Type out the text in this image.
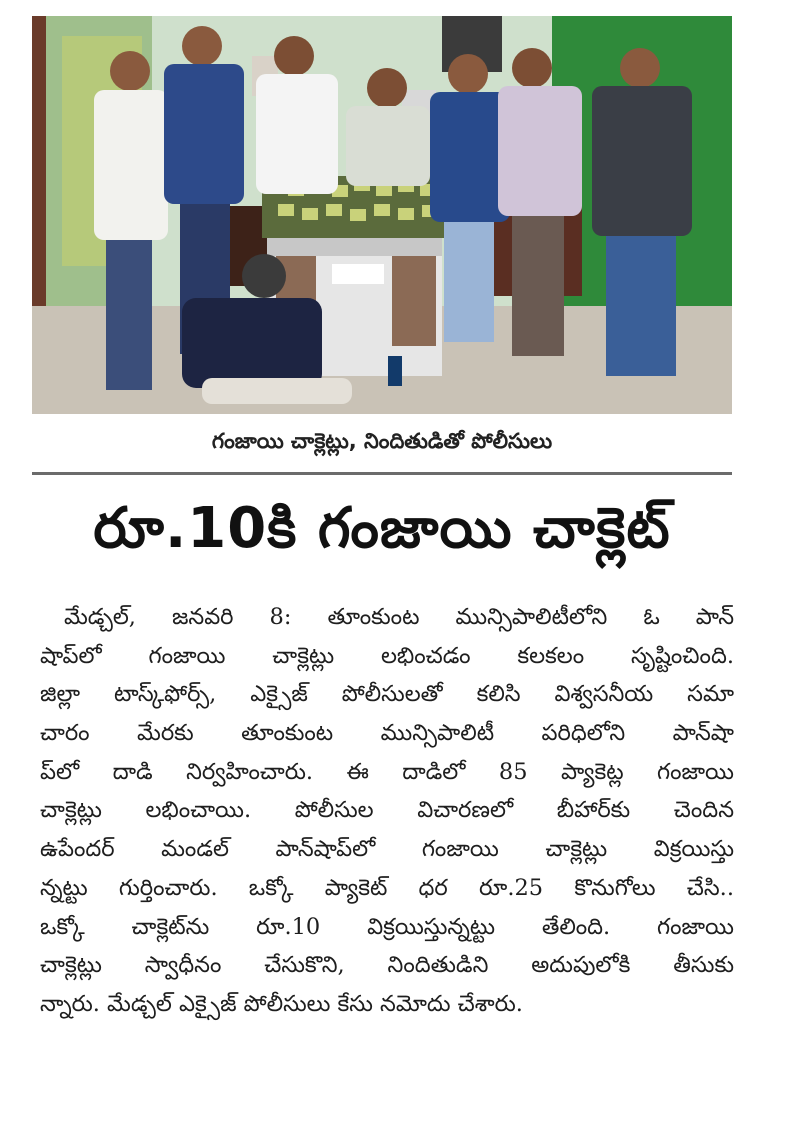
గంజాయి చాక్లెట్లు, నిందితుడితో పోలీసులు
రూ.10కి గంజాయి చాక్లెట్
మేడ్చల్, జనవరి 8: తూంకుంట మున్సిపాలిటీలోని ఓ పాన్
షాప్‌లో గంజాయి చాక్లెట్లు లభించడం కలకలం సృష్టించింది.
జిల్లా టాస్క్‌ఫోర్స్, ఎక్సైజ్ పోలీసులతో కలిసి విశ్వసనీయ సమా
చారం మేరకు తూంకుంట మున్సిపాలిటీ పరిధిలోని పాన్‌షా
ప్‌లో దాడి నిర్వహించారు. ఈ దాడిలో 85 ప్యాకెట్ల గంజాయి
చాక్లెట్లు లభించాయి. పోలీసుల విచారణలో బీహార్‌కు చెందిన
ఉపేందర్ మండల్ పాన్‌షాప్‌లో గంజాయి చాక్లెట్లు విక్రయిస్తు
న్నట్టు గుర్తించారు. ఒక్కో ప్యాకెట్ ధర రూ.25 కొనుగోలు చేసి..
ఒక్కో చాక్లెట్‌ను రూ.10 విక్రయిస్తున్నట్టు తేలింది. గంజాయి
చాక్లెట్లు స్వాధీనం చేసుకొని, నిందితుడిని అదుపులోకి తీసుకు
న్నారు. మేడ్చల్ ఎక్సైజ్ పోలీసులు కేసు నమోదు చేశారు.
